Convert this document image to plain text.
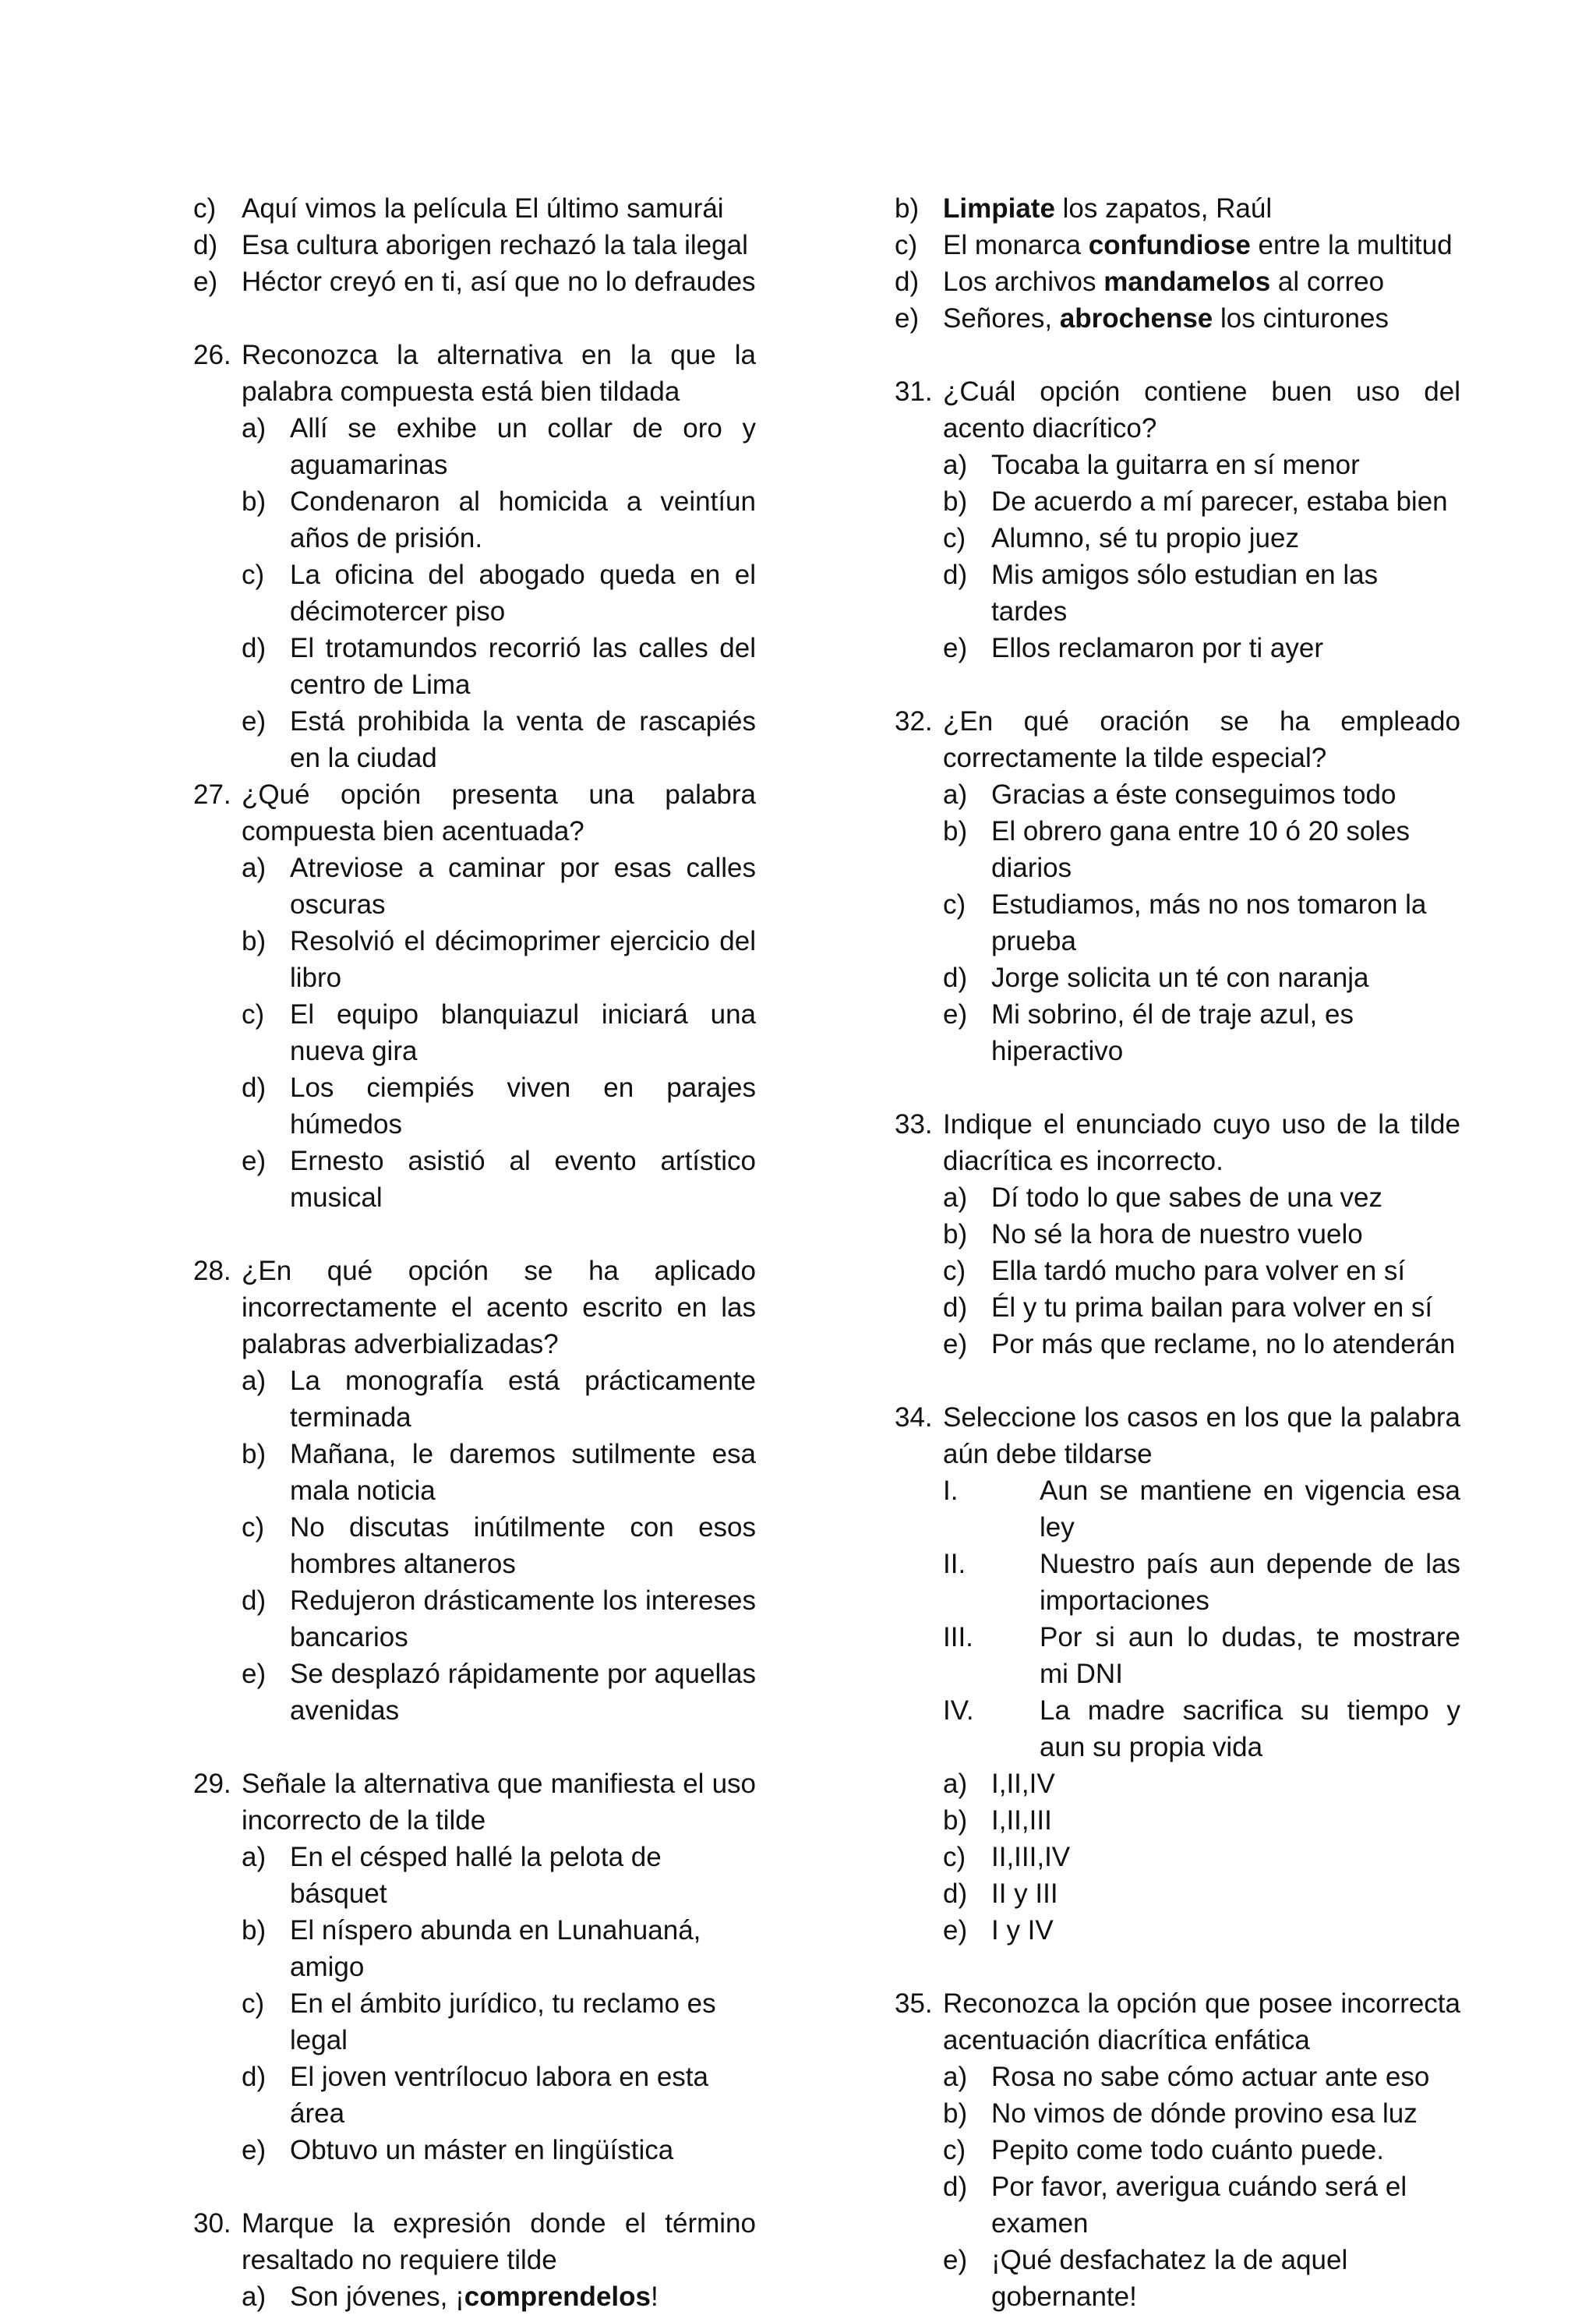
c) Aquí vimos la película El último samurái
d) Esa cultura aborigen rechazó la tala ilegal
e) Héctor creyó en ti, así que no lo defraudes
26. Reconozca la alternativa en la que la palabra compuesta está bien tildada
a) Allí se exhibe un collar de oro y aguamarinas
b) Condenaron al homicida a veintíun años de prisión.
c) La oficina del abogado queda en el décimotercer piso
d) El trotamundos recorrió las calles del centro de Lima
e) Está prohibida la venta de rascapiés en la ciudad
27. ¿Qué opción presenta una palabra compuesta bien acentuada?
a) Atreviose a caminar por esas calles oscuras
b) Resolvió el décimoprimer ejercicio del libro
c) El equipo blanquiazul iniciará una nueva gira
d) Los ciempiés viven en parajes húmedos
e) Ernesto asistió al evento artístico musical
28. ¿En qué opción se ha aplicado incorrectamente el acento escrito en las palabras adverbializadas?
a) La monografía está prácticamente terminada
b) Mañana, le daremos sutilmente esa mala noticia
c) No discutas inútilmente con esos hombres altaneros
d) Redujeron drásticamente los intereses bancarios
e) Se desplazó rápidamente por aquellas avenidas
29. Señale la alternativa que manifiesta el uso incorrecto de la tilde
a) En el césped hallé la pelota de básquet
b) El níspero abunda en Lunahuaná, amigo
c) En el ámbito jurídico, tu reclamo es legal
d) El joven ventrílocuo labora en esta área
e) Obtuvo un máster en lingüística
30. Marque la expresión donde el término resaltado no requiere tilde
a) Son jóvenes, ¡comprendelos!
b) Limpiate los zapatos, Raúl
c) El monarca confundiose entre la multitud
d) Los archivos mandamelos al correo
e) Señores, abrochense los cinturones
31. ¿Cuál opción contiene buen uso del acento diacrítico?
a) Tocaba la guitarra en sí menor
b) De acuerdo a mí parecer, estaba bien
c) Alumno, sé tu propio juez
d) Mis amigos sólo estudian en las tardes
e) Ellos reclamaron por ti ayer
32. ¿En qué oración se ha empleado correctamente la tilde especial?
a) Gracias a éste conseguimos todo
b) El obrero gana entre 10 ó 20 soles diarios
c) Estudiamos, más no nos tomaron la prueba
d) Jorge solicita un té con naranja
e) Mi sobrino, él de traje azul, es hiperactivo
33. Indique el enunciado cuyo uso de la tilde diacrítica es incorrecto.
a) Dí todo lo que sabes de una vez
b) No sé la hora de nuestro vuelo
c) Ella tardó mucho para volver en sí
d) Él y tu prima bailan para volver en sí
e) Por más que reclame, no lo atenderán
34. Seleccione los casos en los que la palabra aún debe tildarse
I.	Aun se mantiene en vigencia esa ley
II.	Nuestro país aun depende de las importaciones
III. Por si aun lo dudas, te mostrare mi DNI
IV. La madre sacrifica su tiempo y aun su propia vida
a) I,II,IV
b) I,II,III
c) II,III,IV
d) II y III
e) I y IV
35. Reconozca la opción que posee incorrecta acentuación diacrítica enfática
a) Rosa no sabe cómo actuar ante eso
b) No vimos de dónde provino esa luz
c) Pepito come todo cuánto puede.
d) Por favor, averigua cuándo será el examen
e) ¡Qué desfachatez la de aquel gobernante!
